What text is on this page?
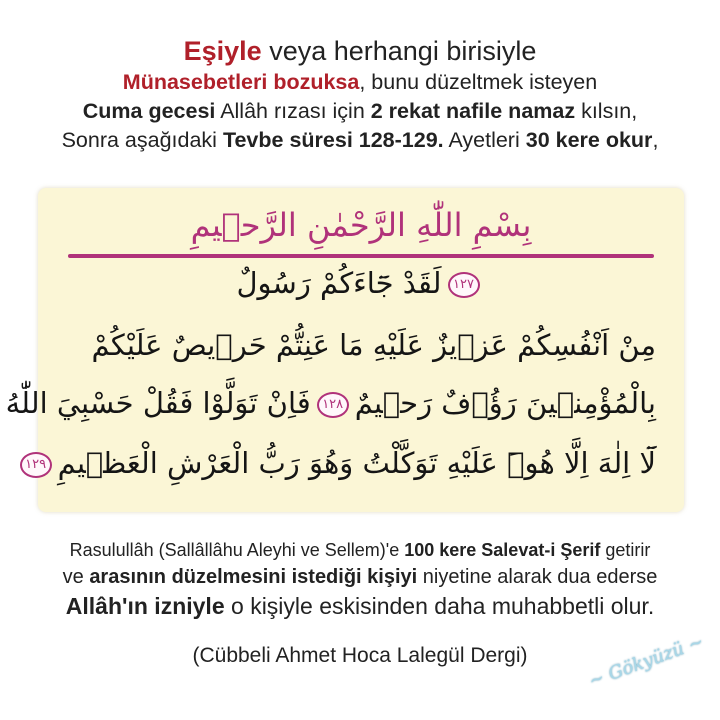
Eşiyle veya herhangi birisiyle
Münasebetleri bozuksa, bunu düzeltmek isteyen
Cuma gecesi Allâh rızası için 2 rekat nafile namaz kılsın,
Sonra aşağıdaki Tevbe süresi 128-129. Ayetleri 30 kere okur,
بِسْمِ اللّٰهِ الرَّحْمٰنِ الرَّح۪يمِ
١٢٧لَقَدْ جَٓاءَكُمْ رَسُولٌ
مِنْ اَنْفُسِكُمْ عَز۪يزٌ عَلَيْهِ مَا عَنِتُّمْ حَر۪يصٌ عَلَيْكُمْ
بِالْمُؤْمِن۪ينَ رَؤُ۫فٌ رَح۪يمٌ١٢٨فَاِنْ تَوَلَّوْا فَقُلْ حَسْبِيَ اللّٰهُ
لَٓا اِلٰهَ اِلَّا هُوَۜ عَلَيْهِ تَوَكَّلْتُ وَهُوَ رَبُّ الْعَرْشِ الْعَظ۪يمِ١٢٩
Rasulullâh (Sallâllâhu Aleyhi ve Sellem)'e 100 kere Salevat-i Şerif getirir
ve arasının düzelmesini istediği kişiyi niyetine alarak dua ederse
Allâh'ın izniyle o kişiyle eskisinden daha muhabbetli olur.
(Cübbeli Ahmet Hoca Lalegül Dergi)	~ Gökyüzü ~
